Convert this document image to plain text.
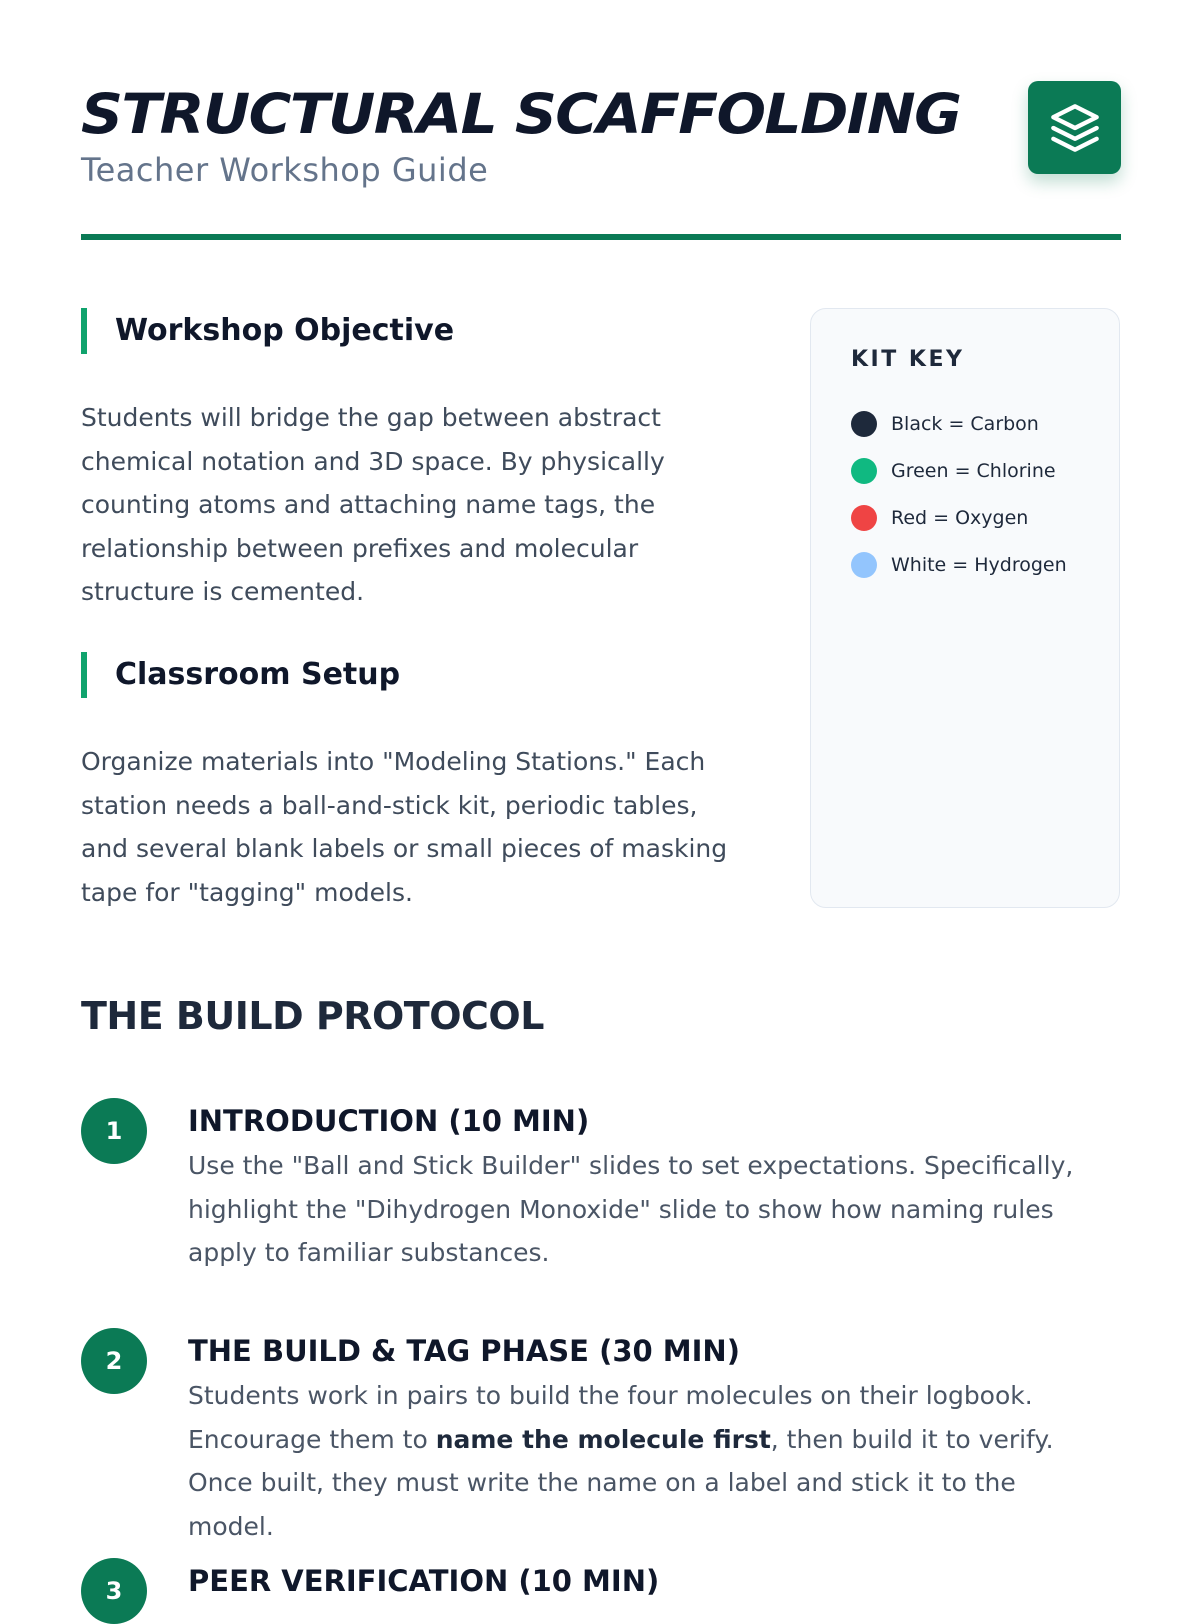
STRUCTURAL SCAFFOLDING
Teacher Workshop Guide
Workshop Objective

Students will bridge the gap between abstract chemical notation and 3D space. By physically counting atoms and attaching name tags, the relationship between prefixes and molecular structure is cemented.

Classroom Setup

Organize materials into "Modeling Stations." Each station needs a ball-and-stick kit, periodic tables, and several blank labels or small pieces of masking tape for "tagging" models.

KIT KEY
Black = Carbon
Green = Chlorine
Red = Oxygen
White = Hydrogen
THE BUILD PROTOCOL
1	INTRODUCTION (10 MIN)

Use the "Ball and Stick Builder" slides to set expectations. Specifically, highlight the "Dihydrogen Monoxide" slide to show how naming rules apply to familiar substances.

2	THE BUILD & TAG PHASE (30 MIN)

Students work in pairs to build the four molecules on their logbook. Encourage them to name the molecule first, then build it to verify. Once built, they must write the name on a label and stick it to the model.

3	PEER VERIFICATION (10 MIN)
